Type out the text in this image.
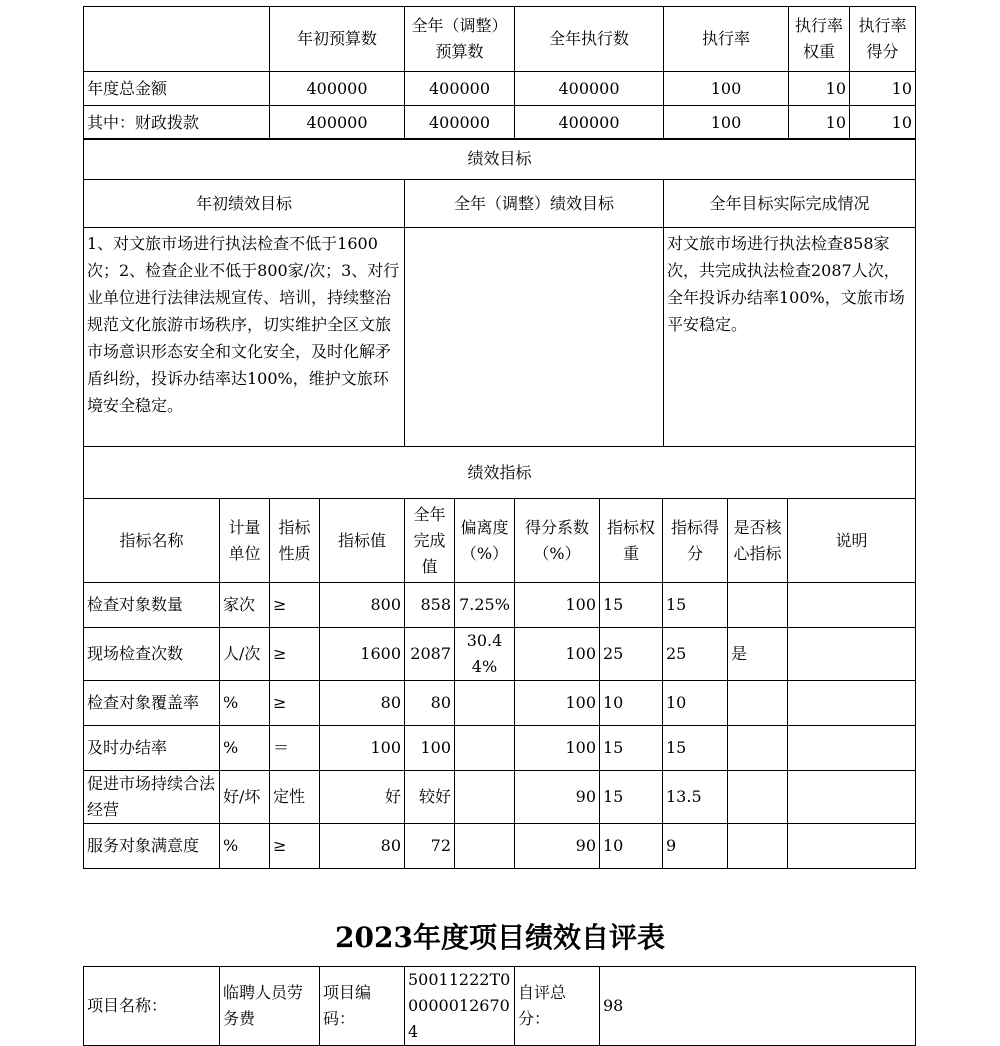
	年初预算数	全年（调整）预算数	全年执行数	执行率	执行率权重	执行率得分
年度总金额	400000	400000	400000	100	10	10
其中：财政拨款	400000	400000	400000	100	10	10
绩效目标		
年初绩效目标	全年（调整）绩效目标	全年目标实际完成情况
1、对文旅市场进行执法检查不低于1600次；2、检查企业不低于800家/次；3、对行业单位进行法律法规宣传、培训，持续整治规范文化旅游市场秩序，切实维护全区文旅市场意识形态安全和文化安全，及时化解矛盾纠纷，投诉办结率达100%，维护文旅环境安全稳定。		对文旅市场进行执法检查858家次，共完成执法检查2087人次，全年投诉办结率100%，文旅市场平安稳定。
绩效指标										
指标名称	计量单位	指标性质	指标值	全年完成值	偏离度（%）	得分系数（%）	指标权重	指标得分	是否核心指标	说明
检查对象数量	家次	≥	800	858	7.25%	100	15	15		
现场检查次数	人/次	≥	1600	2087	30.44%	100	25	25	是	
检查对象覆盖率	%	≥	80	80		100	10	10		
及时办结率	%	＝	100	100		100	15	15		
促进市场持续合法经营	好/坏	定性	好	较好		90	15	13.5		
服务对象满意度	%	≥	80	72		90	10	9		
2023年度项目绩效自评表
项目名称：	临聘人员劳务费	项目编码：	50011222T000000126704	自评总分：	98
